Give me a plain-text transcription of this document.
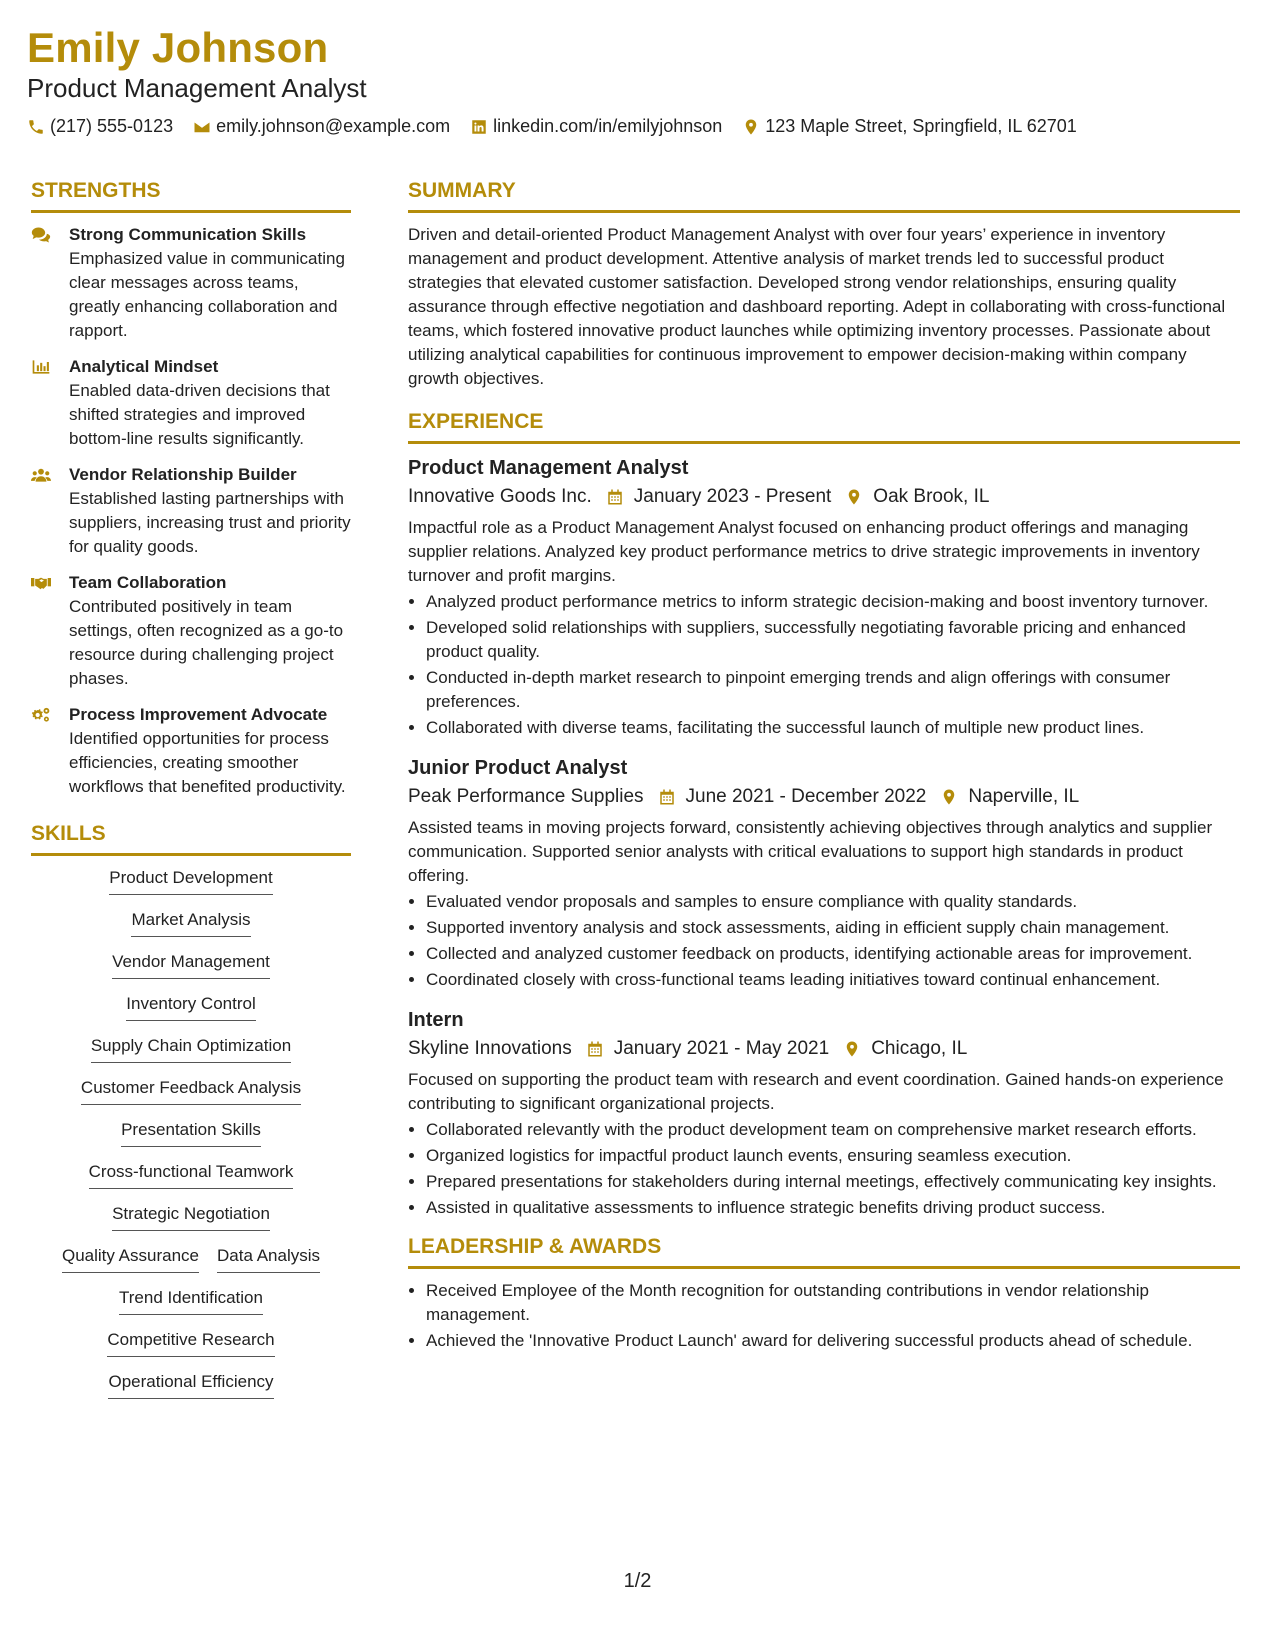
Emily Johnson
Product Management Analyst
(217) 555-0123 emily.johnson@example.com linkedin.com/in/emilyjohnson 123 Maple Street, Springfield, IL 62701
STRENGTHS
Strong Communication Skills
Emphasized value in communicating clear messages across teams, greatly enhancing collaboration and rapport.
Analytical Mindset
Enabled data-driven decisions that shifted strategies and improved bottom-line results significantly.
Vendor Relationship Builder
Established lasting partnerships with suppliers, increasing trust and priority for quality goods.
Team Collaboration
Contributed positively in team settings, often recognized as a go-to resource during challenging project phases.
Process Improvement Advocate
Identified opportunities for process efficiencies, creating smoother workflows that benefited productivity.
SKILLS
Product Development
Market Analysis
Vendor Management
Inventory Control
Supply Chain Optimization
Customer Feedback Analysis
Presentation Skills
Cross-functional Teamwork
Strategic Negotiation
Quality Assurance Data Analysis
Trend Identification
Competitive Research
Operational Efficiency
SUMMARY
Driven and detail-oriented Product Management Analyst with over four years’ experience in inventory management and product development. Attentive analysis of market trends led to successful product strategies that elevated customer satisfaction. Developed strong vendor relationships, ensuring quality assurance through effective negotiation and dashboard reporting. Adept in collaborating with cross-functional teams, which fostered innovative product launches while optimizing inventory processes. Passionate about utilizing analytical capabilities for continuous improvement to empower decision-making within company growth objectives.
EXPERIENCE
Product Management Analyst
Innovative Goods Inc. January 2023 - Present Oak Brook, IL
Impactful role as a Product Management Analyst focused on enhancing product offerings and managing supplier relations. Analyzed key product performance metrics to drive strategic improvements in inventory turnover and profit margins.
• Analyzed product performance metrics to inform strategic decision-making and boost inventory turnover.
• Developed solid relationships with suppliers, successfully negotiating favorable pricing and enhanced product quality.
• Conducted in-depth market research to pinpoint emerging trends and align offerings with consumer preferences.
• Collaborated with diverse teams, facilitating the successful launch of multiple new product lines.
Junior Product Analyst
Peak Performance Supplies June 2021 - December 2022 Naperville, IL
Assisted teams in moving projects forward, consistently achieving objectives through analytics and supplier communication. Supported senior analysts with critical evaluations to support high standards in product offering.
• Evaluated vendor proposals and samples to ensure compliance with quality standards.
• Supported inventory analysis and stock assessments, aiding in efficient supply chain management.
• Collected and analyzed customer feedback on products, identifying actionable areas for improvement.
• Coordinated closely with cross-functional teams leading initiatives toward continual enhancement.
Intern
Skyline Innovations January 2021 - May 2021 Chicago, IL
Focused on supporting the product team with research and event coordination. Gained hands-on experience contributing to significant organizational projects.
• Collaborated relevantly with the product development team on comprehensive market research efforts.
• Organized logistics for impactful product launch events, ensuring seamless execution.
• Prepared presentations for stakeholders during internal meetings, effectively communicating key insights.
• Assisted in qualitative assessments to influence strategic benefits driving product success.
LEADERSHIP & AWARDS
• Received Employee of the Month recognition for outstanding contributions in vendor relationship management.
• Achieved the 'Innovative Product Launch' award for delivering successful products ahead of schedule.
1/2
